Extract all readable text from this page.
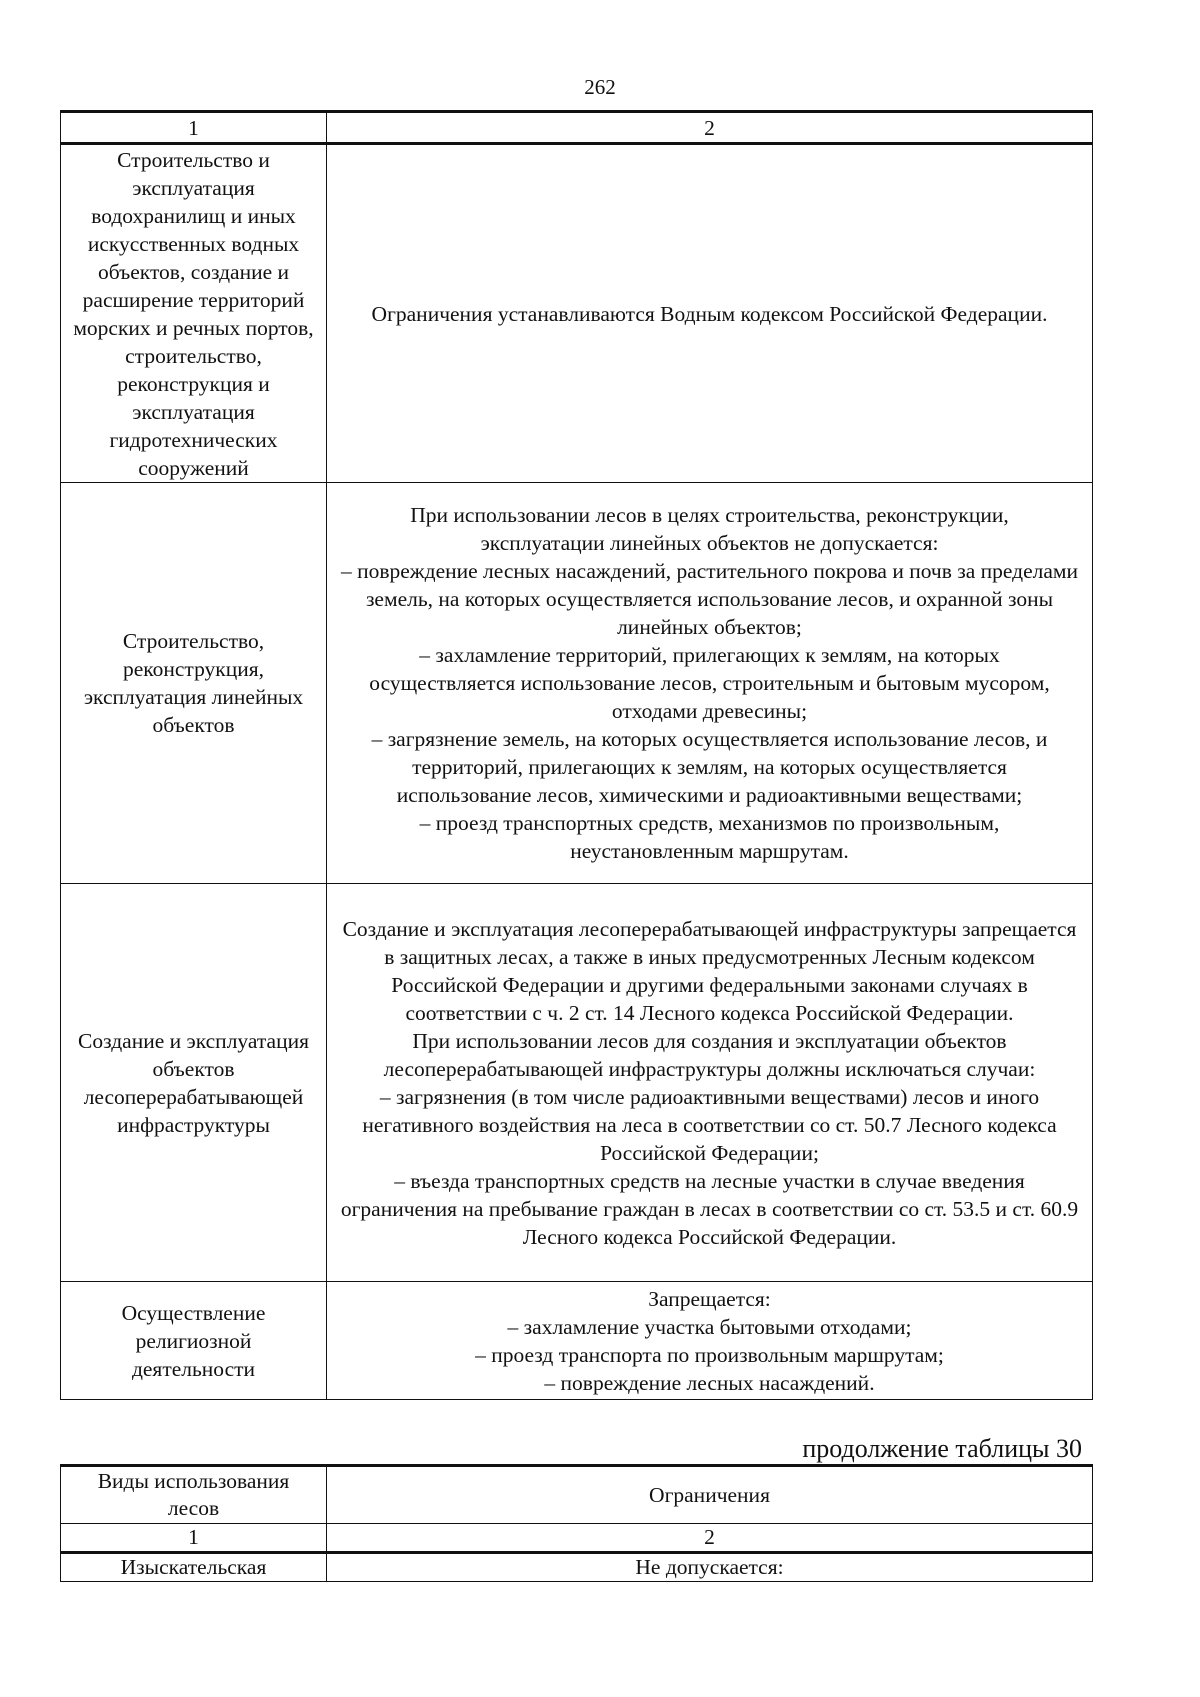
262
1	2
Строительство и эксплуатация водохранилищ и иных искусственных водных объектов, создание и расширение территорий морских и речных портов, строительство, реконструкция и эксплуатация гидротехнических сооружений	Ограничения устанавливаются Водным кодексом Российской Федерации.

Строительство, реконструкция, эксплуатация линейных объектов	При использовании лесов в целях строительства, реконструкции, эксплуатации линейных объектов не допускается:
– повреждение лесных насаждений, растительного покрова и почв за пределами земель, на которых осуществляется использование лесов, и охранной зоны линейных объектов;
– захламление территорий, прилегающих к землям, на которых осуществляется использование лесов, строительным и бытовым мусором, отходами древесины;
– загрязнение земель, на которых осуществляется использование лесов, и территорий, прилегающих к землям, на которых осуществляется использование лесов, химическими и радиоактивными веществами;
– проезд транспортных средств, механизмов по произвольным, неустановленным маршрутам.

Создание и эксплуатация объектов лесоперерабатывающей инфраструктуры	Создание и эксплуатация лесоперерабатывающей инфраструктуры запрещается в защитных лесах, а также в иных предусмотренных Лесным кодексом Российской Федерации и другими федеральными законами случаях в соответствии с ч. 2 ст. 14 Лесного кодекса Российской Федерации.
При использовании лесов для создания и эксплуатации объектов лесоперерабатывающей инфраструктуры должны исключаться случаи:
– загрязнения (в том числе радиоактивными веществами) лесов и иного негативного воздействия на леса в соответствии со ст. 50.7 Лесного кодекса Российской Федерации;
– въезда транспортных средств на лесные участки в случае введения ограничения на пребывание граждан в лесах в соответствии со ст. 53.5 и ст. 60.9 Лесного кодекса Российской Федерации.

Осуществление религиозной деятельности	Запрещается:
– захламление участка бытовыми отходами;
– проезд транспорта по произвольным маршрутам;
– повреждение лесных насаждений.
продолжение таблицы 30
Виды использования лесов	Ограничения
1	2
Изыскательская	Не допускается:
